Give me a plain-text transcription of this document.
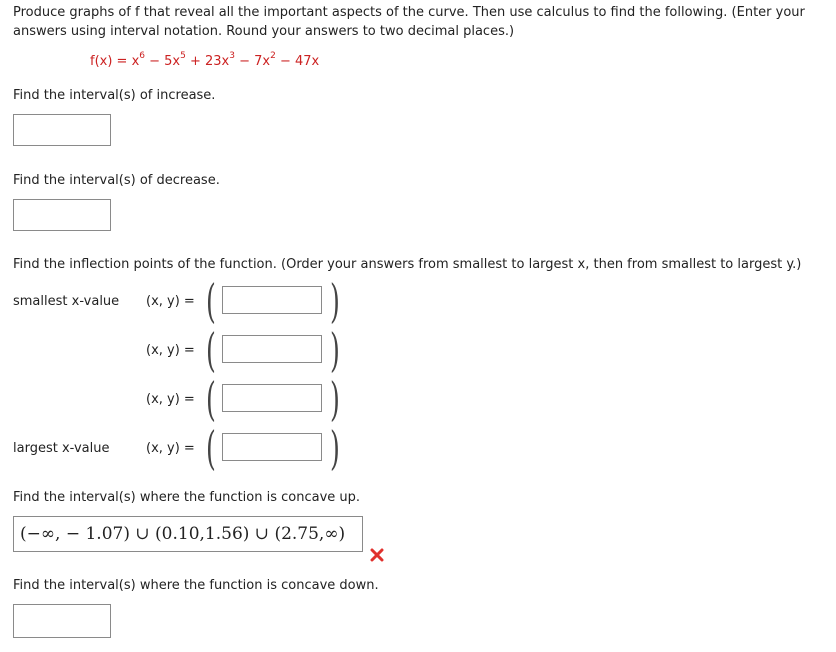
Produce graphs of f that reveal all the important aspects of the curve. Then use calculus to find the following. (Enter your answers using interval notation. Round your answers to two decimal places.)
$f(x) = x^6 - 5x^5 + 23x^3 - 7x^2 - 47x$
Find the interval(s) of increase.
Find the interval(s) of decrease.
Find the inflection points of the function. (Order your answers from smallest to largest x, then from smallest to largest y.)
smallest x-value
largest x-value
(x, y) = ( )
(x, y) = ( )
(x, y) = ( )
(x, y) = ( )
Find the interval(s) where the function is concave up.
(−∞, − 1.07) ∪ (0.10,1.56) ∪ (2.75,∞)
Find the interval(s) where the function is concave down.
